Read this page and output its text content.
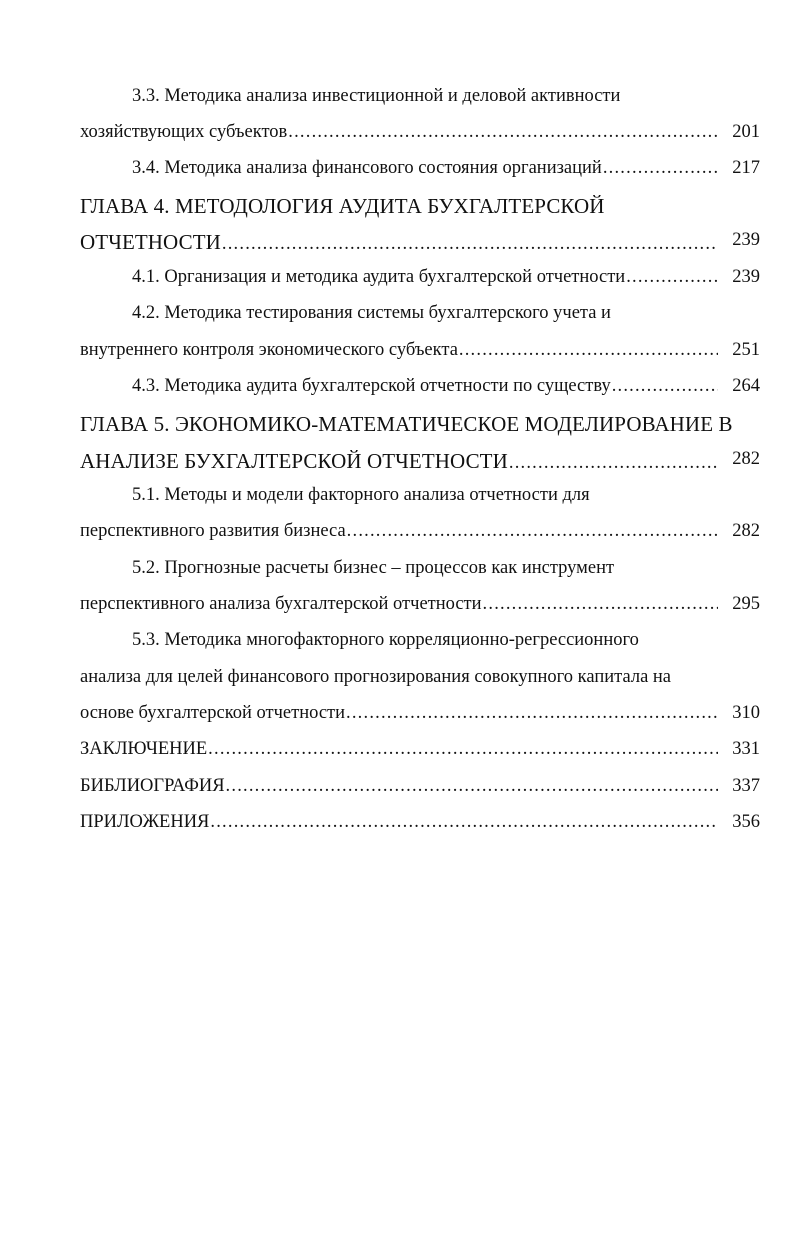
3.3. Методика анализа инвестиционной и деловой активности
хозяйствующих субъектов .....	201
3.4. Методика анализа финансового состояния организаций .....	217
ГЛАВА 4. МЕТОДОЛОГИЯ АУДИТА БУХГАЛТЕРСКОЙ
ОТЧЕТНОСТИ .....	239
4.1. Организация и методика аудита бухгалтерской отчетности .....	239
4.2. Методика тестирования системы бухгалтерского учета и
внутреннего контроля экономического субъекта .....	251
4.3. Методика аудита бухгалтерской отчетности по существу .....	264
ГЛАВА 5. ЭКОНОМИКО-МАТЕМАТИЧЕСКОЕ МОДЕЛИРОВАНИЕ В
АНАЛИЗЕ БУХГАЛТЕРСКОЙ ОТЧЕТНОСТИ .....	282
5.1. Методы и модели факторного анализа отчетности для
перспективного развития бизнеса .....	282
5.2. Прогнозные расчеты бизнес – процессов как инструмент
перспективного анализа бухгалтерской отчетности .....	295
5.3. Методика многофакторного корреляционно-регрессионного
анализа для целей финансового прогнозирования совокупного капитала на
основе бухгалтерской отчетности .....	310
ЗАКЛЮЧЕНИЕ .....	331
БИБЛИОГРАФИЯ .....	337
ПРИЛОЖЕНИЯ .....	356
